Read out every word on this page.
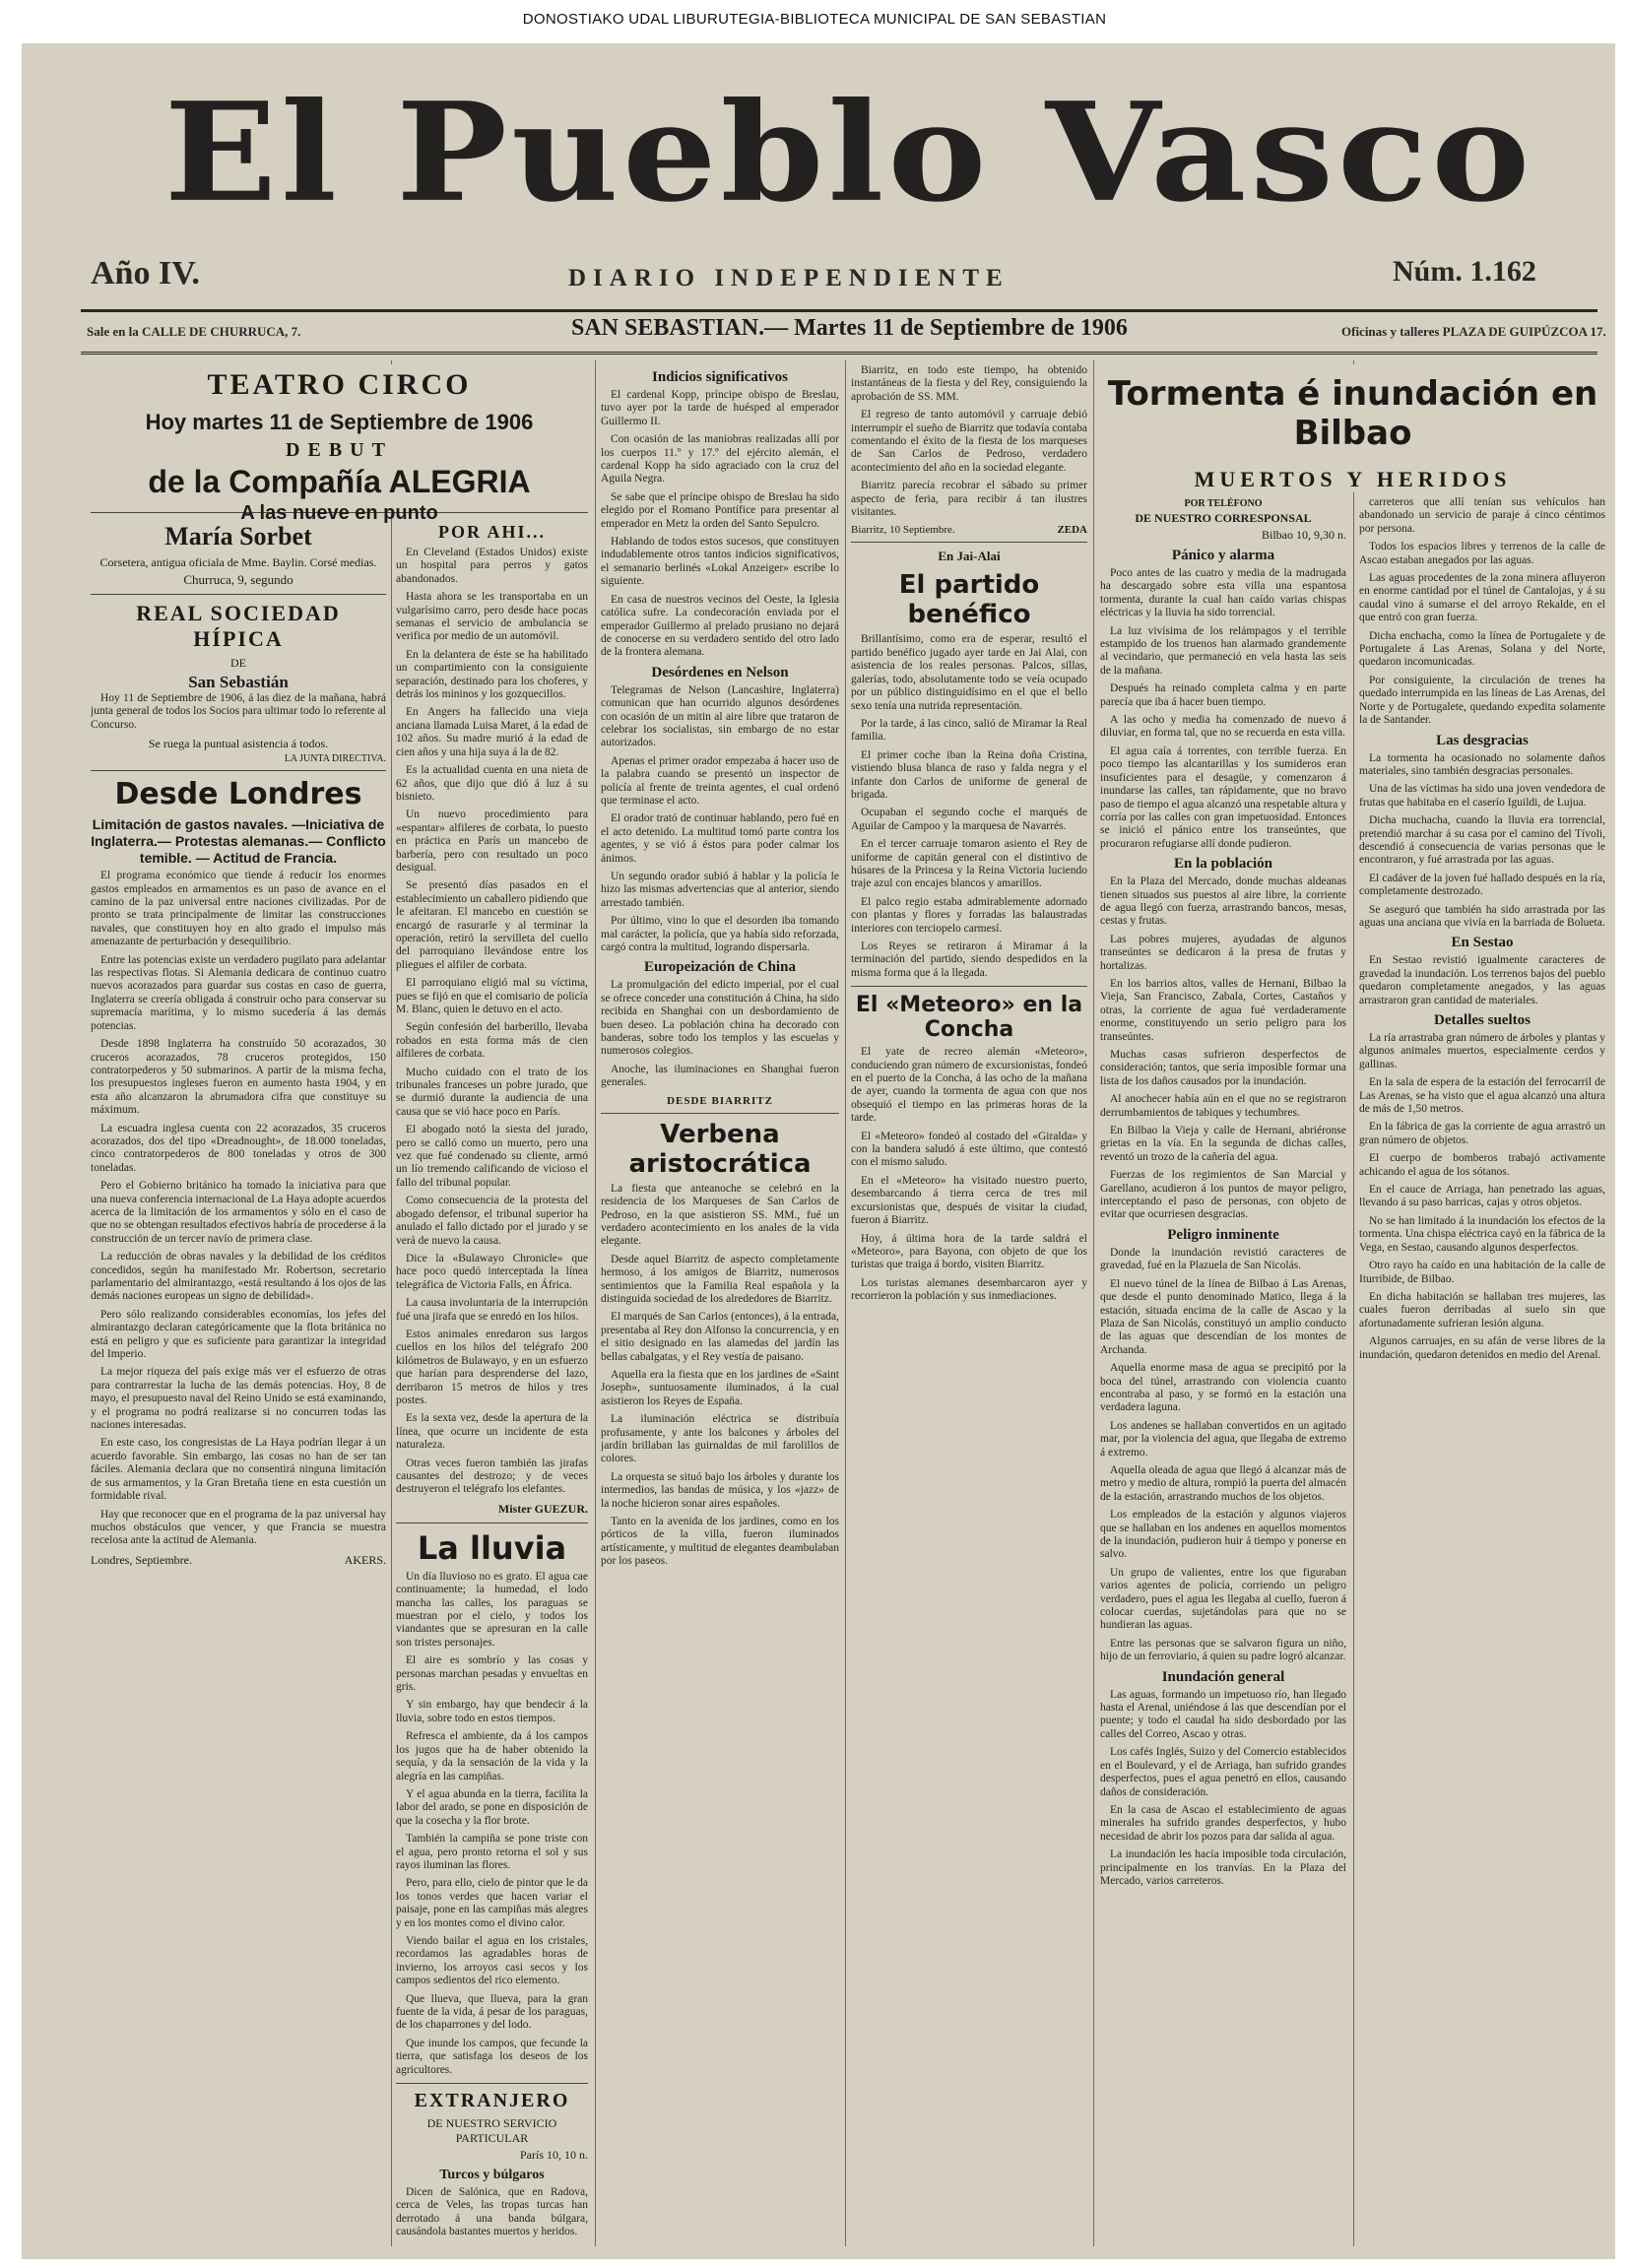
DONOSTIAKO UDAL LIBURUTEGIA-BIBLIOTECA MUNICIPAL DE SAN SEBASTIAN
El Pueblo Vasco
Año IV.	DIARIO INDEPENDIENTE	Núm. 1.162
Sale en la CALLE DE CHURRUCA, 7.	SAN SEBASTIAN.— Martes 11 de Septiembre de 1906	Oficinas y talleres PLAZA DE GUIPÚZCOA 17.
TEATRO CIRCO
Hoy martes 11 de Septiembre de 1906
DEBUT
de la Compañía ALEGRIA
A las nueve en punto
María Sorbet
Corsetera, antigua oficiala de Mme. Baylin. Corsé medias.
Churruca, 9, segundo
REAL SOCIEDAD HÍPICA
DE
San Sebastián

Hoy 11 de Septiembre de 1906, á las diez de la mañana, habrá junta general de todos los Socios para ultimar todo lo referente al Concurso.

Se ruega la puntual asistencia á todos.
LA JUNTA DIRECTIVA.
Desde Londres
Limitación de gastos navales. —Iniciativa de Inglaterra.— Protestas alemanas.— Conflicto temible. — Actitud de Francia.

El programa económico que tiende á reducir los enormes gastos empleados en armamentos es un paso de avance en el camino de la paz universal entre naciones civilizadas. Por de pronto se trata principalmente de limitar las construcciones navales, que constituyen hoy en alto grado el impulso más amenazante de perturbación y desequilibrio.

Entre las potencias existe un verdadero pugilato para adelantar las respectivas flotas. Si Alemania dedicara de continuo cuatro nuevos acorazados para guardar sus costas en caso de guerra, Inglaterra se creería obligada á construir ocho para conservar su supremacía marítima, y lo mismo sucedería á las demás potencias.

Desde 1898 Inglaterra ha construído 50 acorazados, 30 cruceros acorazados, 78 cruceros protegidos, 150 contratorpederos y 50 submarinos. A partir de la misma fecha, los presupuestos ingleses fueron en aumento hasta 1904, y en esta año alcanzaron la abrumadora cifra que constituye su máximum.

La escuadra inglesa cuenta con 22 acorazados, 35 cruceros acorazados, dos del tipo «Dreadnought», de 18.000 toneladas, cinco contratorpederos de 800 toneladas y otros de 300 toneladas.

Pero el Gobierno británico ha tomado la iniciativa para que una nueva conferencia internacional de La Haya adopte acuerdos acerca de la limitación de los armamentos y sólo en el caso de que no se obtengan resultados efectivos habría de procederse á la construcción de un tercer navío de primera clase.

La reducción de obras navales y la debilidad de los créditos concedidos, según ha manifestado Mr. Robertson, secretario parlamentario del almirantazgo, «está resultando á los ojos de las demás naciones europeas un signo de debilidad».

Pero sólo realizando considerables economías, los jefes del almirantazgo declaran categóricamente que la flota británica no está en peligro y que es suficiente para garantizar la integridad del Imperio.

La mejor riqueza del país exige más ver el esfuerzo de otras para contrarrestar la lucha de las demás potencias. Hoy, 8 de mayo, el presupuesto naval del Reino Unido se está examinando, y el programa no podrá realizarse si no concurren todas las naciones interesadas.

En este caso, los congresistas de La Haya podrían llegar á un acuerdo favorable. Sin embargo, las cosas no han de ser tan fáciles. Alemania declara que no consentirá ninguna limitación de sus armamentos, y la Gran Bretaña tiene en esta cuestión un formidable rival.

Hay que reconocer que en el programa de la paz universal hay muchos obstáculos que vencer, y que Francia se muestra recelosa ante la actitud de Alemania.

Londres, Septiembre.	AKERS.
POR AHI...

En Cleveland (Estados Unidos) existe un hospital para perros y gatos abandonados.

Hasta ahora se les transportaba en un vulgarísimo carro, pero desde hace pocas semanas el servicio de ambulancia se verifica por medio de un automóvil.

En la delantera de éste se ha habilitado un compartimiento con la consiguiente separación, destinado para los choferes, y detrás los mininos y los gozquecillos.

En Angers ha fallecido una vieja anciana llamada Luisa Maret, á la edad de 102 años. Su madre murió á la edad de cien años y una hija suya á la de 82.

Es la actualidad cuenta en una nieta de 62 años, que dijo que dió á luz á su bisnieto.

Un nuevo procedimiento para «espantar» alfileres de corbata, lo puesto en práctica en París un mancebo de barbería, pero con resultado un poco desigual.

Se presentó días pasados en el establecimiento un caballero pidiendo que le afeitaran. El mancebo en cuestión se encargó de rasurarle y al terminar la operación, retiró la servilleta del cuello del parroquiano llevándose entre los pliegues el alfiler de corbata.

El parroquiano eligió mal su víctima, pues se fijó en que el comisario de policía M. Blanc, quien le detuvo en el acto.

Según confesión del barberillo, llevaba robados en esta forma más de cien alfileres de corbata.

Mucho cuidado con el trato de los tribunales franceses un pobre jurado, que se durmió durante la audiencia de una causa que se vió hace poco en París.

El abogado notó la siesta del jurado, pero se calló como un muerto, pero una vez que fué condenado su cliente, armó un lío tremendo calificando de vicioso el fallo del tribunal popular.

Como consecuencia de la protesta del abogado defensor, el tribunal superior ha anulado el fallo dictado por el jurado y se verá de nuevo la causa.

Dice la «Bulawayo Chronicle» que hace poco quedó interceptada la línea telegráfica de Victoria Falls, en África.

La causa involuntaria de la interrupción fué una jirafa que se enredó en los hilos.

Estos animales enredaron sus largos cuellos en los hilos del telégrafo 200 kilómetros de Bulawayo, y en un esfuerzo que harían para desprenderse del lazo, derribaron 15 metros de hilos y tres postes.

Es la sexta vez, desde la apertura de la línea, que ocurre un incidente de esta naturaleza.

Otras veces fueron también las jirafas causantes del destrozo; y de veces destruyeron el telégrafo los elefantes.

Mister GUEZUR.
La lluvia

Un día lluvioso no es grato. El agua cae continuamente; la humedad, el lodo mancha las calles, los paraguas se muestran por el cielo, y todos los viandantes que se apresuran en la calle son tristes personajes.

El aire es sombrío y las cosas y personas marchan pesadas y envueltas en gris.

Y sin embargo, hay que bendecir á la lluvia, sobre todo en estos tiempos.

Refresca el ambiente, da á los campos los jugos que ha de haber obtenido la sequía, y da la sensación de la vida y la alegría en las campiñas.

Y el agua abunda en la tierra, facilita la labor del arado, se pone en disposición de que la cosecha y la flor brote.

También la campiña se pone triste con el agua, pero pronto retorna el sol y sus rayos iluminan las flores.

Pero, para ello, cielo de pintor que le da los tonos verdes que hacen variar el paisaje, pone en las campiñas más alegres y en los montes como el divino calor.

Viendo bailar el agua en los cristales, recordamos las agradables horas de invierno, los arroyos casi secos y los campos sedientos del rico elemento.

Que llueva, que llueva, para la gran fuente de la vida, á pesar de los paraguas, de los chaparrones y del lodo.

Que inunde los campos, que fecunde la tierra, que satisfaga los deseos de los agricultores.

EXTRANJERO
DE NUESTRO SERVICIO PARTICULAR
París 10, 10 n.
Turcos y búlgaros

Dicen de Salónica, que en Radova, cerca de Veles, las tropas turcas han derrotado á una banda búlgara, causándola bastantes muertos y heridos.

Indicios significativos

El cardenal Kopp, príncipe obispo de Breslau, tuvo ayer por la tarde de huésped al emperador Guillermo II.

Con ocasión de las maniobras realizadas allí por los cuerpos 11.º y 17.º del ejército alemán, el cardenal Kopp ha sido agraciado con la cruz del Aguila Negra.

Se sabe que el príncipe obispo de Breslau ha sido elegido por el Romano Pontífice para presentar al emperador en Metz la orden del Santo Sepulcro.

Hablando de todos estos sucesos, que constituyen indudablemente otros tantos indicios significativos, el semanario berlinés «Lokal Anzeiger» escribe lo siguiente.

En casa de nuestros vecinos del Oeste, la Iglesia católica sufre. La condecoración enviada por el emperador Guillermo al prelado prusiano no dejará de conocerse en su verdadero sentido del otro lado de la frontera alemana.

Desórdenes en Nelson

Telegramas de Nelson (Lancashire, Inglaterra) comunican que han ocurrido algunos desórdenes con ocasión de un mitin al aire libre que trataron de celebrar los socialistas, sin embargo de no estar autorizados.

Apenas el primer orador empezaba á hacer uso de la palabra cuando se presentó un inspector de policía al frente de treinta agentes, el cual ordenó que terminase el acto.

El orador trató de continuar hablando, pero fué en el acto detenido. La multitud tomó parte contra los agentes, y se vió á éstos para poder calmar los ánimos.

Un segundo orador subió á hablar y la policía le hizo las mismas advertencias que al anterior, siendo arrestado también.

Por último, vino lo que el desorden iba tomando mal carácter, la policía, que ya había sido reforzada, cargó contra la multitud, logrando dispersarla.

Europeización de China

La promulgación del edicto imperial, por el cual se ofrece conceder una constitución á China, ha sido recibida en Shanghai con un desbordamiento de buen deseo. La población china ha decorado con banderas, sobre todo los templos y las escuelas y numerosos colegios.

Anoche, las iluminaciones en Shanghai fueron generales.

DESDE BIARRITZ
Verbena aristocrática

La fiesta que anteanoche se celebró en la residencia de los Marqueses de San Carlos de Pedroso, en la que asistieron SS. MM., fué un verdadero acontecimiento en los anales de la vida elegante.

Desde aquel Biarritz de aspecto completamente hermoso, á los amigos de Biarritz, numerosos sentimientos que la Familia Real española y la distinguida sociedad de los alrededores de Biarritz.

El marqués de San Carlos (entonces), á la entrada, presentaba al Rey don Alfonso la concurrencia, y en el sitio designado en las alamedas del jardín las bellas cabalgatas, y el Rey vestía de paisano.

Aquella era la fiesta que en los jardines de «Saint Joseph», suntuosamente iluminados, á la cual asistieron los Reyes de España.

La iluminación eléctrica se distribuía profusamente, y ante los balcones y árboles del jardín brillaban las guirnaldas de mil farolillos de colores.

La orquesta se situó bajo los árboles y durante los intermedios, las bandas de música, y los «jazz» de la noche hicieron sonar aires españoles.

Tanto en la avenida de los jardines, como en los pórticos de la villa, fueron iluminados artísticamente, y multitud de elegantes deambulaban por los paseos.

Biarritz, en todo este tiempo, ha obtenido instantáneas de la fiesta y del Rey, consiguiendo la aprobación de SS. MM.

El regreso de tanto automóvil y carruaje debió interrumpir el sueño de Biarritz que todavía contaba comentando el éxito de la fiesta de los marqueses de San Carlos de Pedroso, verdadero acontecimiento del año en la sociedad elegante.

Biarritz parecía recobrar el sábado su primer aspecto de feria, para recibir á tan ilustres visitantes.

Biarritz, 10 Septiembre.	ZEDA
En Jai-Alai
El partido benéfico

Brillantísimo, como era de esperar, resultó el partido benéfico jugado ayer tarde en Jai Alai, con asistencia de los reales personas. Palcos, sillas, galerías, todo, absolutamente todo se veía ocupado por un público distinguidísimo en el que el bello sexo tenía una nutrida representación.

Por la tarde, á las cinco, salió de Miramar la Real familia.

El primer coche iban la Reina doña Cristina, vistiendo blusa blanca de raso y falda negra y el infante don Carlos de uniforme de general de brigada.

Ocupaban el segundo coche el marqués de Aguilar de Campoo y la marquesa de Navarrés.

En el tercer carruaje tomaron asiento el Rey de uniforme de capitán general con el distintivo de húsares de la Princesa y la Reina Victoria luciendo traje azul con encajes blancos y amarillos.

El palco regio estaba admirablemente adornado con plantas y flores y forradas las balaustradas interiores con terciopelo carmesí.

Los Reyes se retiraron á Miramar á la terminación del partido, siendo despedidos en la misma forma que á la llegada.

El «Meteoro» en la Concha

El yate de recreo alemán «Meteoro», conduciendo gran número de excursionistas, fondeó en el puerto de la Concha, á las ocho de la mañana de ayer, cuando la tormenta de agua con que nos obsequió el tiempo en las primeras horas de la tarde.

El «Meteoro» fondeó al costado del «Giralda» y con la bandera saludó á este último, que contestó con el mismo saludo.

En el «Meteoro» ha visitado nuestro puerto, desembarcando á tierra cerca de tres mil excursionistas que, después de visitar la ciudad, fueron á Biarritz.

Hoy, á última hora de la tarde saldrá el «Meteoro», para Bayona, con objeto de que los turistas que traiga á bordo, visiten Biarritz.

Los turistas alemanes desembarcaron ayer y recorrieron la población y sus inmediaciones.

Tormenta é inundación en Bilbao
MUERTOS Y HERIDOS
POR TELÉFONO
DE NUESTRO CORRESPONSAL
Bilbao 10, 9,30 n.
Pánico y alarma

Poco antes de las cuatro y media de la madrugada ha descargado sobre esta villa una espantosa tormenta, durante la cual han caído varias chispas eléctricas y la lluvia ha sido torrencial.

La luz vivísima de los relámpagos y el terrible estampido de los truenos han alarmado grandemente al vecindario, que permaneció en vela hasta las seis de la mañana.

Después ha reinado completa calma y en parte parecía que iba á hacer buen tiempo.

A las ocho y media ha comenzado de nuevo á diluviar, en forma tal, que no se recuerda en esta villa.

El agua caía á torrentes, con terrible fuerza. En poco tiempo las alcantarillas y los sumideros eran insuficientes para el desagüe, y comenzaron á inundarse las calles, tan rápidamente, que no bravo paso de tiempo el agua alcanzó una respetable altura y corría por las calles con gran impetuosidad. Entonces se inició el pánico entre los transeúntes, que procuraron refugiarse allí donde pudieron.

En la población

En la Plaza del Mercado, donde muchas aldeanas tienen situados sus puestos al aire libre, la corriente de agua llegó con fuerza, arrastrando bancos, mesas, cestas y frutas.

Las pobres mujeres, ayudadas de algunos transeúntes se dedicaron á la presa de frutas y hortalizas.

En los barrios altos, valles de Hernani, Bilbao la Vieja, San Francisco, Zabala, Cortes, Castaños y otras, la corriente de agua fué verdaderamente enorme, constituyendo un serio peligro para los transeúntes.

Muchas casas sufrieron desperfectos de consideración; tantos, que sería imposible formar una lista de los daños causados por la inundación.

Al anochecer había aún en el que no se registraron derrumbamientos de tabiques y techumbres.

En Bilbao la Vieja y calle de Hernani, abriéronse grietas en la vía. En la segunda de dichas calles, reventó un trozo de la cañería del agua.

Fuerzas de los regimientos de San Marcial y Garellano, acudieron á los puntos de mayor peligro, interceptando el paso de personas, con objeto de evitar que ocurriesen desgracias.

Peligro inminente

Donde la inundación revistió caracteres de gravedad, fué en la Plazuela de San Nicolás.

El nuevo túnel de la línea de Bilbao á Las Arenas, que desde el punto denominado Matico, llega á la estación, situada encima de la calle de Ascao y la Plaza de San Nicolás, constituyó un amplio conducto de las aguas que descendían de los montes de Archanda.

Aquella enorme masa de agua se precipitó por la boca del túnel, arrastrando con violencia cuanto encontraba al paso, y se formó en la estación una verdadera laguna.

Los andenes se hallaban convertidos en un agitado mar, por la violencia del agua, que llegaba de extremo á extremo.

Aquella oleada de agua que llegó á alcanzar más de metro y medio de altura, rompió la puerta del almacén de la estación, arrastrando muchos de los objetos.

Los empleados de la estación y algunos viajeros que se hallaban en los andenes en aquellos momentos de la inundación, pudieron huir á tiempo y ponerse en salvo.

Un grupo de valientes, entre los que figuraban varios agentes de policía, corriendo un peligro verdadero, pues el agua les llegaba al cuello, fueron á colocar cuerdas, sujetándolas para que no se hundieran las aguas.

Entre las personas que se salvaron figura un niño, hijo de un ferroviario, á quien su padre logró alcanzar.

Inundación general

Las aguas, formando un impetuoso río, han llegado hasta el Arenal, uniéndose á las que descendían por el puente; y todo el caudal ha sido desbordado por las calles del Correo, Ascao y otras.

Los cafés Inglés, Suizo y del Comercio establecidos en el Boulevard, y el de Arriaga, han sufrido grandes desperfectos, pues el agua penetró en ellos, causando daños de consideración.

En la casa de Ascao el establecimiento de aguas minerales ha sufrido grandes desperfectos, y hubo necesidad de abrir los pozos para dar salida al agua.

La inundación les hacía imposible toda circulación, principalmente en los tranvías. En la Plaza del Mercado, varios carreteros.

carreteros que allí tenían sus vehículos han abandonado un servicio de paraje á cinco céntimos por persona.

Todos los espacios libres y terrenos de la calle de Ascao estaban anegados por las aguas.

Las aguas procedentes de la zona minera afluyeron en enorme cantidad por el túnel de Cantalojas, y á su caudal vino á sumarse el del arroyo Rekalde, en el que entró con gran fuerza.

Dicha enchacha, como la línea de Portugalete y de Portugalete á Las Arenas, Solana y del Norte, quedaron incomunicadas.

Por consiguiente, la circulación de trenes ha quedado interrumpida en las líneas de Las Arenas, del Norte y de Portugalete, quedando expedita solamente la de Santander.

Las desgracias

La tormenta ha ocasionado no solamente daños materiales, sino también desgracias personales.

Una de las víctimas ha sido una joven vendedora de frutas que habitaba en el caserío Iguildi, de Lujua.

Dicha muchacha, cuando la lluvia era torrencial, pretendió marchar á su casa por el camino del Tívoli, descendió á consecuencia de varias personas que le encontraron, y fué arrastrada por las aguas.

El cadáver de la joven fué hallado después en la ría, completamente destrozado.

Se aseguró que también ha sido arrastrada por las aguas una anciana que vivía en la barriada de Bolueta.

En Sestao

En Sestao revistió igualmente caracteres de gravedad la inundación. Los terrenos bajos del pueblo quedaron completamente anegados, y las aguas arrastraron gran cantidad de materiales.

Detalles sueltos

La ría arrastraba gran número de árboles y plantas y algunos animales muertos, especialmente cerdos y gallinas.

En la sala de espera de la estación del ferrocarril de Las Arenas, se ha visto que el agua alcanzó una altura de más de 1,50 metros.

En la fábrica de gas la corriente de agua arrastró un gran número de objetos.

El cuerpo de bomberos trabajó activamente achicando el agua de los sótanos.

En el cauce de Arriaga, han penetrado las aguas, llevando á su paso barricas, cajas y otros objetos.

No se han limitado á la inundación los efectos de la tormenta. Una chispa eléctrica cayó en la fábrica de la Vega, en Sestao, causando algunos desperfectos.

Otro rayo ha caído en una habitación de la calle de Iturribide, de Bilbao.

En dicha habitación se hallaban tres mujeres, las cuales fueron derribadas al suelo sin que afortunadamente sufrieran lesión alguna.

Algunos carruajes, en su afán de verse libres de la inundación, quedaron detenidos en medio del Arenal.
